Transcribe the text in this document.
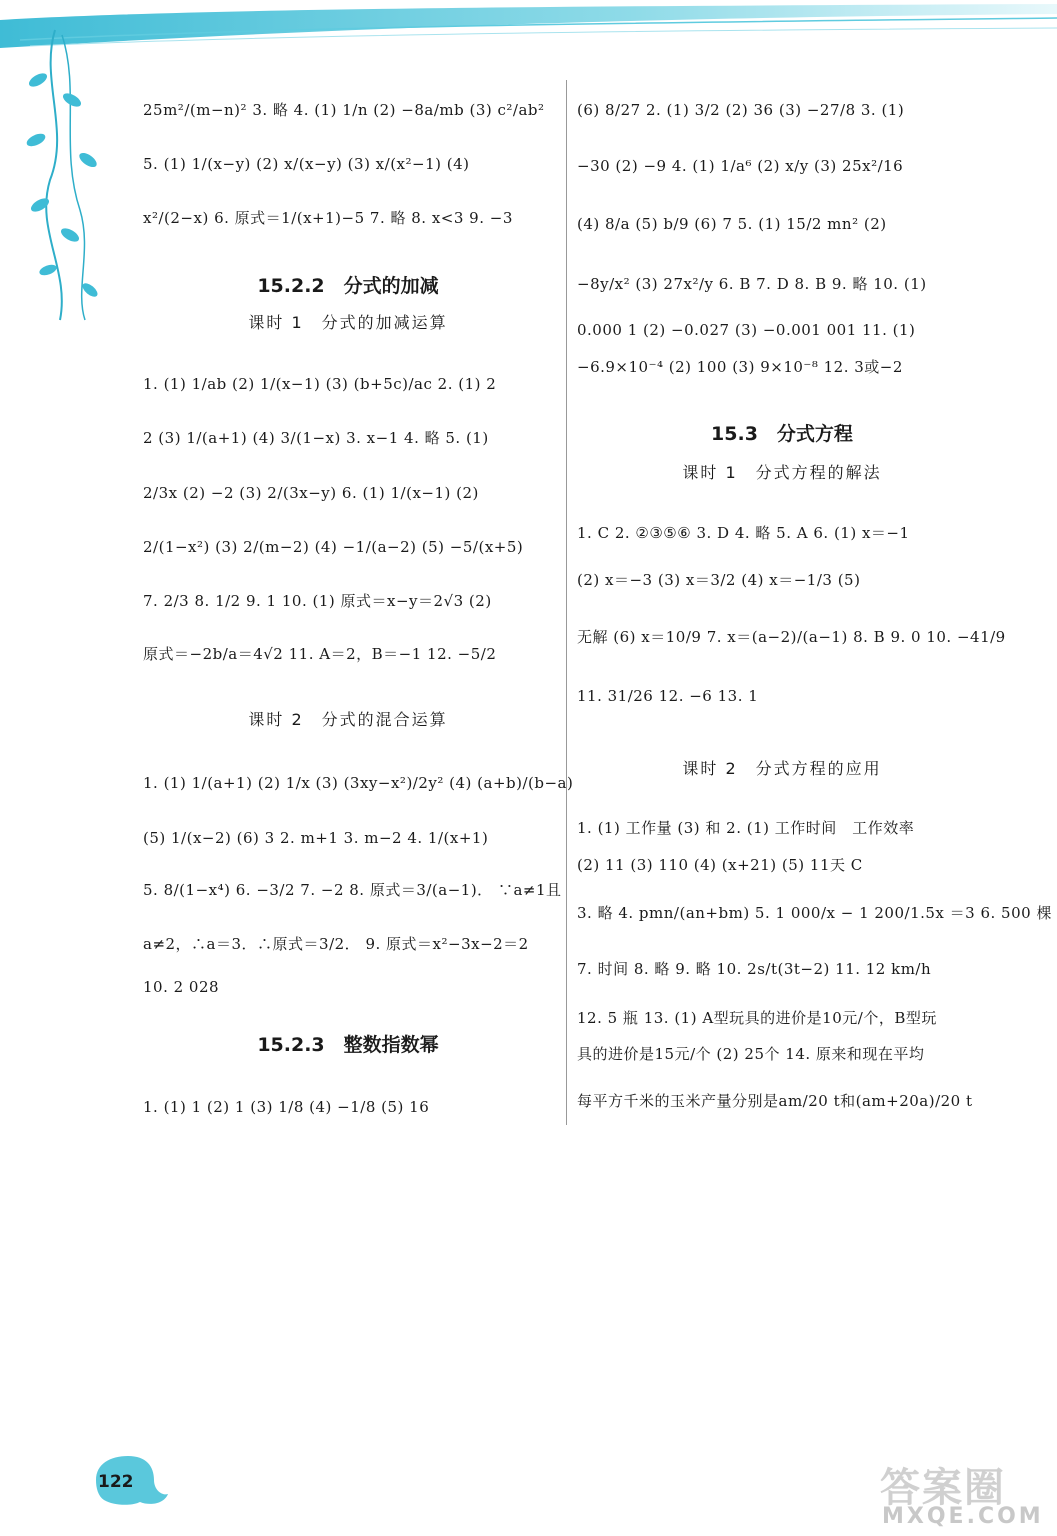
25m²/(m−n)² 3. 略 4. (1) 1/n (2) −8a/mb (3) c²/ab²
5. (1) 1/(x−y) (2) x/(x−y) (3) x/(x²−1) (4)
x²/(2−x) 6. 原式＝1/(x+1)−5 7. 略 8. x<3 9. −3
15.2.2　分式的加减
课时 1　分式的加减运算
1. (1) 1/ab (2) 1/(x−1) (3) (b+5c)/ac 2. (1) 2
2 (3) 1/(a+1) (4) 3/(1−x) 3. x−1 4. 略 5. (1)
2/3x (2) −2 (3) 2/(3x−y) 6. (1) 1/(x−1) (2)
2/(1−x²) (3) 2/(m−2) (4) −1/(a−2) (5) −5/(x+5)
7. 2/3 8. 1/2 9. 1 10. (1) 原式＝x−y＝2√3 (2)
原式＝−2b/a＝4√2 11. A＝2，B＝−1 12. −5/2
课时 2　分式的混合运算
1. (1) 1/(a+1) (2) 1/x (3) (3xy−x²)/2y² (4) (a+b)/(b−a)
(5) 1/(x−2) (6) 3 2. m+1 3. m−2 4. 1/(x+1)
5. 8/(1−x⁴) 6. −3/2 7. −2 8. 原式＝3/(a−1)． ∵a≠1且
a≠2，∴a＝3．∴原式＝3/2． 9. 原式＝x²−3x−2＝2
10. 2 028
15.2.3　整数指数幂
1. (1) 1 (2) 1 (3) 1/8 (4) −1/8 (5) 16
(6) 8/27 2. (1) 3/2 (2) 36 (3) −27/8 3. (1)
−30 (2) −9 4. (1) 1/a⁶ (2) x/y (3) 25x²/16
(4) 8/a (5) b/9 (6) 7 5. (1) 15/2 mn² (2)
−8y/x² (3) 27x²/y 6. B 7. D 8. B 9. 略 10. (1)
0.000 1 (2) −0.027 (3) −0.001 001 11. (1)
−6.9×10⁻⁴ (2) 100 (3) 9×10⁻⁸ 12. 3或−2
15.3　分式方程
课时 1　分式方程的解法
1. C 2. ②③⑤⑥ 3. D 4. 略 5. A 6. (1) x＝−1
(2) x＝−3 (3) x＝3/2 (4) x＝−1/3 (5)
无解 (6) x＝10/9 7. x＝(a−2)/(a−1) 8. B 9. 0 10. −41/9
11. 31/26 12. −6 13. 1
课时 2　分式方程的应用
1. (1) 工作量 (3) 和 2. (1) 工作时间　工作效率
(2) 11 (3) 110 (4) (x+21) (5) 11天 C
3. 略 4. pmn/(an+bm) 5. 1 000/x − 1 200/1.5x ＝3 6. 500 棵
7. 时间 8. 略 9. 略 10. 2s/t(3t−2) 11. 12 km/h
12. 5 瓶 13. (1) A型玩具的进价是10元/个，B型玩
具的进价是15元/个 (2) 25个 14. 原来和现在平均
每平方千米的玉米产量分别是am/20 t和(am+20a)/20 t
122	答案圈
MXQE.COM
